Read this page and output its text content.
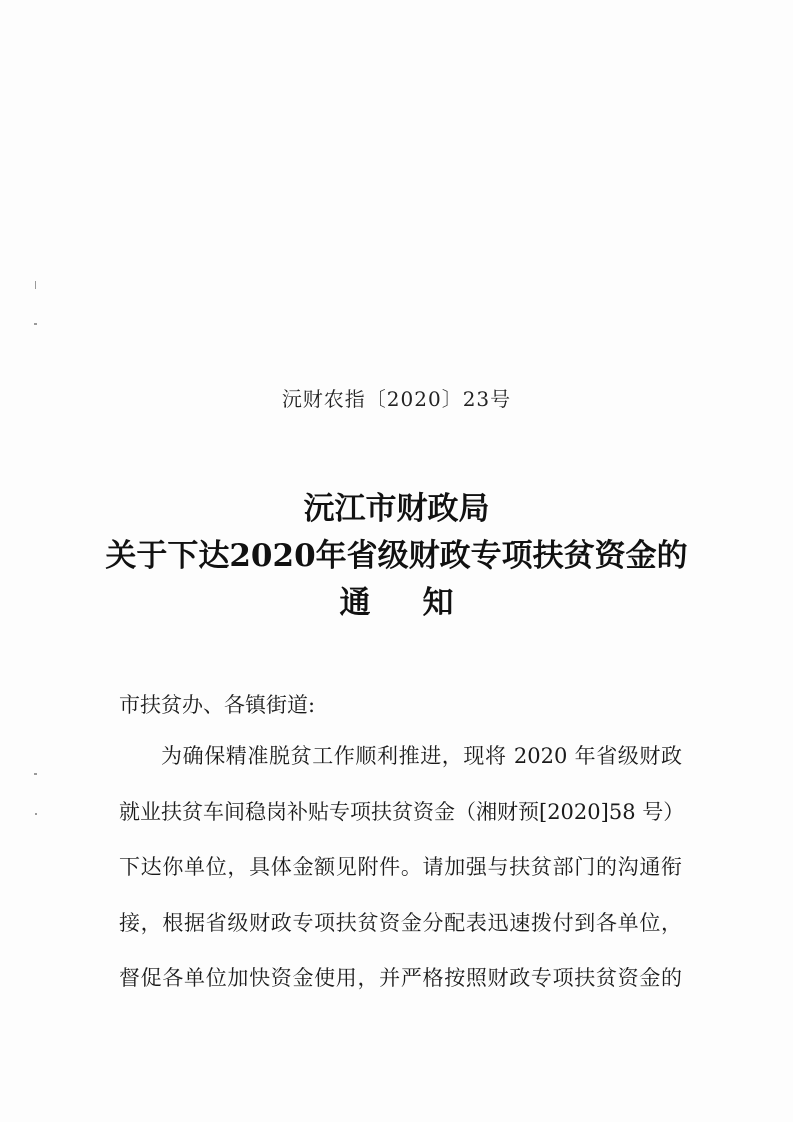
沅财农指〔2020〕23号
沅江市财政局
关于下达2020年省级财政专项扶贫资金的
通知
市扶贫办、各镇街道:
为确保精准脱贫工作顺利推进，现将 2020 年省级财政
就业扶贫车间稳岗补贴专项扶贫资金（湘财预[2020]58 号）
下达你单位，具体金额见附件。请加强与扶贫部门的沟通衔
接，根据省级财政专项扶贫资金分配表迅速拨付到各单位，
督促各单位加快资金使用，并严格按照财政专项扶贫资金的
